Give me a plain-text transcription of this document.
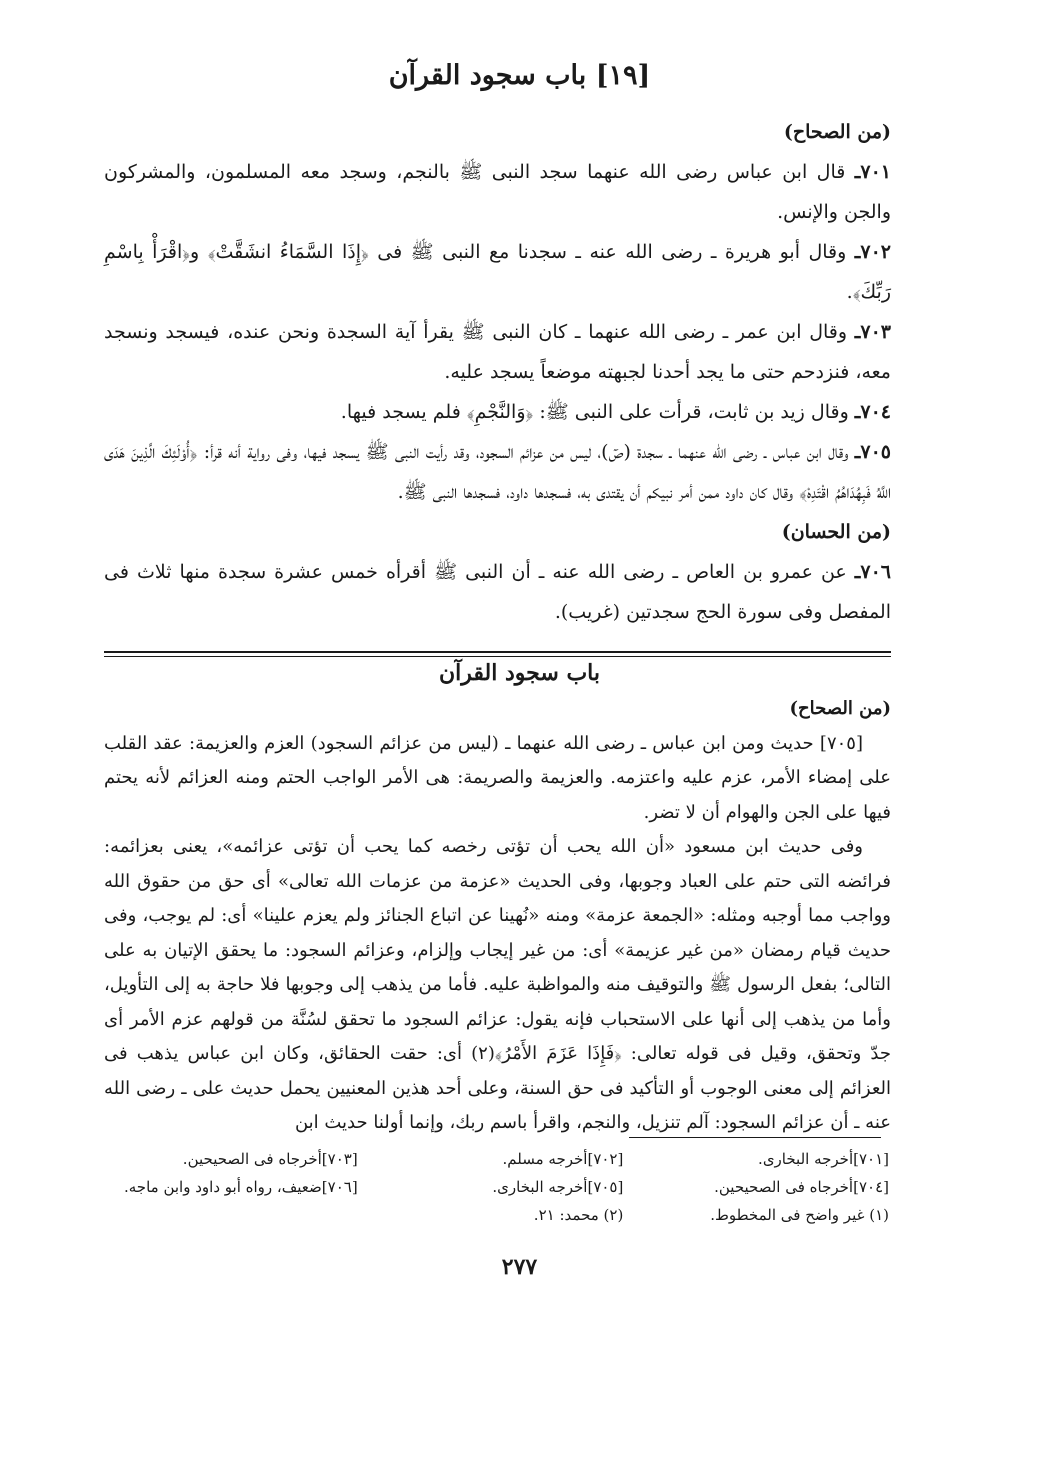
[١٩] باب سجود القرآن
(من الصحاح)

٧٠١ـ قال ابن عباس رضى الله عنهما سجد النبى ﷺ بالنجم، وسجد معه المسلمون، والمشركون والجن والإنس.

٧٠٢ـ وقال أبو هريرة ـ رضى الله عنه ـ سجدنا مع النبى ﷺ فى ﴿إِذَا السَّمَاءُ انشَقَّتْ﴾ و﴿اقْرَأْ بِاسْمِ رَبِّكَ﴾.

٧٠٣ـ وقال ابن عمر ـ رضى الله عنهما ـ كان النبى ﷺ يقرأ آية السجدة ونحن عنده، فيسجد ونسجد معه، فنزدحم حتى ما يجد أحدنا لجبهته موضعاً يسجد عليه.

٧٠٤ـ وقال زيد بن ثابت، قرأت على النبى ﷺ: ﴿وَالنَّجْمِ﴾ فلم يسجد فيها.

٧٠٥ـ وقال ابن عباس ـ رضى الله عنهما ـ سجدة (صٓ)، ليس من عزائم السجود، وقد رأيت النبى ﷺ يسجد فيها، وفى رواية أنه قرأ: ﴿أُوْلَئِكَ الَّذِينَ هَدَى اللَّهُ فَبِهُدَاهُمُ اقْتَدِهْ﴾ وقال كان داود ممن أمر نبيكم أن يقتدى به، فسجدها داود، فسجدها النبى ﷺ.

(من الحسان)

٧٠٦ـ عن عمرو بن العاص ـ رضى الله عنه ـ أن النبى ﷺ أقرأه خمس عشرة سجدة منها ثلاث فى المفصل وفى سورة الحج سجدتين (غريب).

باب سجود القرآن
(من الصحاح)

[٧٠٥] حديث ومن ابن عباس ـ رضى الله عنهما ـ (ليس من عزائم السجود) العزم والعزيمة: عقد القلب على إمضاء الأمر، عزم عليه واعتزمه. والعزيمة والصريمة: هى الأمر الواجب الحتم ومنه العزائم لأنه يحتم فيها على الجن والهوام أن لا تضر.

وفى حديث ابن مسعود «أن الله يحب أن تؤتى رخصه كما يحب أن تؤتى عزائمه»، يعنى بعزائمه: فرائضه التى حتم على العباد وجوبها، وفى الحديث «عزمة من عزمات الله تعالى» أى حق من حقوق الله وواجب مما أوجبه ومثله: «الجمعة عزمة» ومنه «نُهينا عن اتباع الجنائز ولم يعزم علينا» أى: لم يوجب، وفى حديث قيام رمضان «من غير عزيمة» أى: من غير إيجاب وإلزام، وعزائم السجود: ما يحقق الإتيان به على التالى؛ بفعل الرسول ﷺ والتوقيف منه والمواظبة عليه. فأما من يذهب إلى وجوبها فلا حاجة به إلى التأويل، وأما من يذهب إلى أنها على الاستحباب فإنه يقول: عزائم السجود ما تحقق لسُنَّة من قولهم عزم الأمر أى جدّ وتحقق، وقيل فى قوله تعالى: ﴿فَإِذَا عَزَمَ الأَمْرُ﴾(٢) أى: حقت الحقائق، وكان ابن عباس يذهب فى العزائم إلى معنى الوجوب أو التأكيد فى حق السنة، وعلى أحد هذين المعنيين يحمل حديث على ـ رضى الله عنه ـ أن عزائم السجود: آلم تنزيل، والنجم، واقرأ باسم ربك، وإنما أولنا حديث ابن

[٧٠١]أخرجه البخارى.
[٧٠٢]أخرجه مسلم.
[٧٠٣]أخرجاه فى الصحيحين.
[٧٠٤]أخرجاه فى الصحيحين.
[٧٠٥]أخرجه البخارى.
[٧٠٦]ضعيف، رواه أبو داود وابن ماجه.
(١) غير واضح فى المخطوط.
(٢) محمد: ٢١.
٢٧٧
